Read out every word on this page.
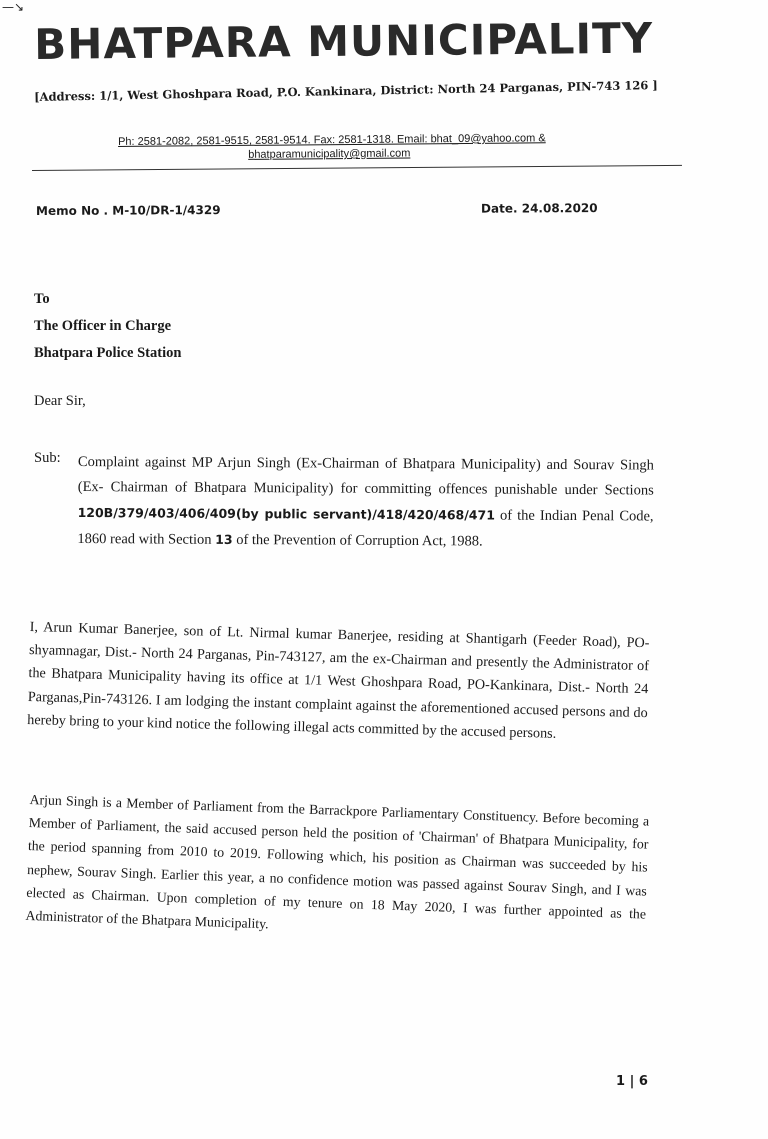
—↘
BHATPARA MUNICIPALITY
[Address: 1/1, West Ghoshpara Road, P.O. Kankinara, District: North 24 Parganas, PIN-743 126 ]
Ph: 2581-2082, 2581-9515, 2581-9514. Fax: 2581-1318. Email: bhat_09@yahoo.com &
bhatparamunicipality@gmail.com
Memo No . M-10/DR-1/4329	Date. 24.08.2020
To
The Officer in Charge
Bhatpara Police Station
Dear Sir,
Sub: Complaint against MP Arjun Singh (Ex-Chairman of Bhatpara Municipality) and Sourav Singh (Ex- Chairman of Bhatpara Municipality) for committing offences punishable under Sections 120B/379/403/406/409(by public servant)/418/420/468/471 of the Indian Penal Code, 1860 read with Section 13 of the Prevention of Corruption Act, 1988.
I, Arun Kumar Banerjee, son of Lt. Nirmal kumar Banerjee, residing at Shantigarh (Feeder Road), PO-shyamnagar, Dist.- North 24 Parganas, Pin-743127, am the ex-Chairman and presently the Administrator of the Bhatpara Municipality having its office at 1/1 West Ghoshpara Road, PO-Kankinara, Dist.- North 24 Parganas,Pin-743126. I am lodging the instant complaint against the aforementioned accused persons and do hereby bring to your kind notice the following illegal acts committed by the accused persons.
Arjun Singh is a Member of Parliament from the Barrackpore Parliamentary Constituency. Before becoming a Member of Parliament, the said accused person held the position of 'Chairman' of Bhatpara Municipality, for the period spanning from 2010 to 2019. Following which, his position as Chairman was succeeded by his nephew, Sourav Singh. Earlier this year, a no confidence motion was passed against Sourav Singh, and I was elected as Chairman. Upon completion of my tenure on 18 May 2020, I was further appointed as the Administrator of the Bhatpara Municipality.
1 | 6
